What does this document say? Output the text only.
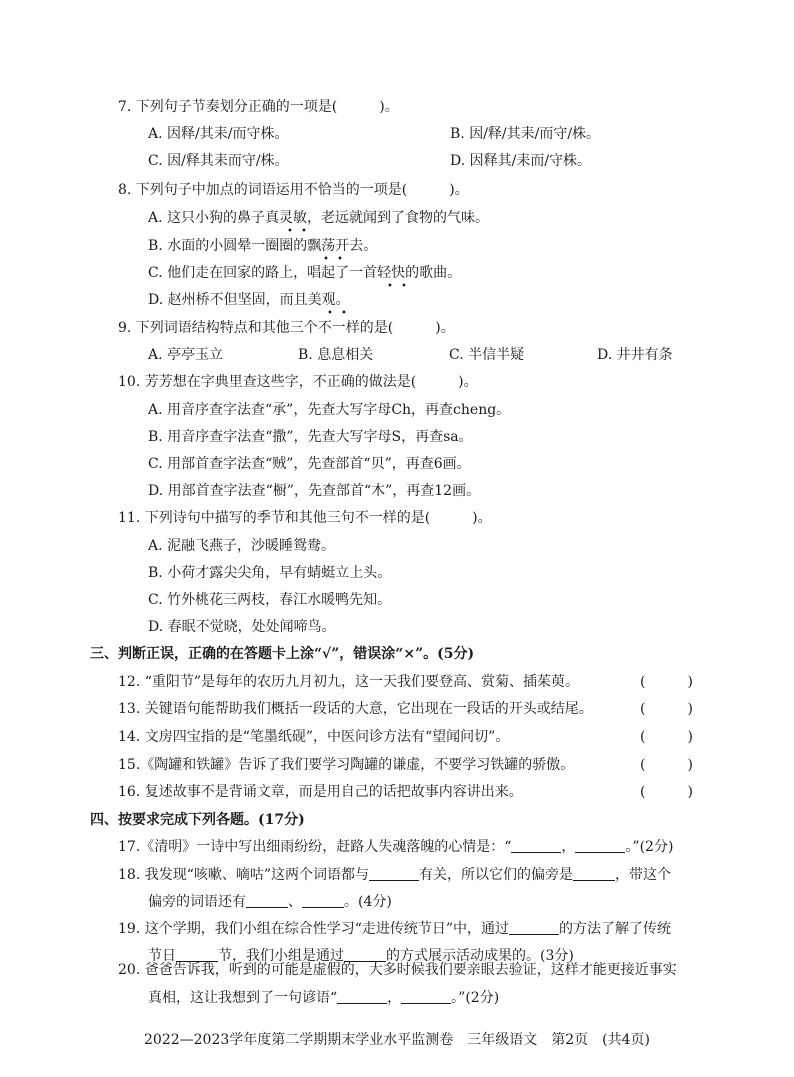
7. 下列句子节奏划分正确的一项是(　　　)。
A. 因释/其耒/而守株。	B. 因/释/其耒/而守/株。
C. 因/释其耒而守/株。	D. 因释其/耒而/守株。
8. 下列句子中加点的词语运用不恰当的一项是(　　　)。
A. 这只小狗的鼻子真灵敏，老远就闻到了食物的气味。
B. 水面的小圆晕一圈圈的飘荡开去。
C. 他们走在回家的路上，唱起了一首轻快的歌曲。
D. 赵州桥不但坚固，而且美观。
• •
• •
• •
• •
9. 下列词语结构特点和其他三个不一样的是(　　　)。
A. 亭亭玉立	B. 息息相关	C. 半信半疑	D. 井井有条
10. 芳芳想在字典里查这些字，不正确的做法是(　　　)。
A. 用音序查字法查“承”，先查大写字母Ch，再查cheng。
B. 用音序查字法查“撒”，先查大写字母S，再查sa。
C. 用部首查字法查“贼”，先查部首“贝”，再查6画。
D. 用部首查字法查“橱”，先查部首“木”，再查12画。
11. 下列诗句中描写的季节和其他三句不一样的是(　　　)。
A. 泥融飞燕子，沙暖睡鸳鸯。
B. 小荷才露尖尖角，早有蜻蜓立上头。
C. 竹外桃花三两枝，春江水暖鸭先知。
D. 春眠不觉晓，处处闻啼鸟。
三、判断正误，正确的在答题卡上涂“√”，错误涂“×”。(5分)
12. “重阳节”是每年的农历九月初九，这一天我们要登高、赏菊、插茱萸。	(　　　)
13. 关键语句能帮助我们概括一段话的大意，它出现在一段话的开头或结尾。	(　　　)
14. 文房四宝指的是“笔墨纸砚”，中医问诊方法有“望闻问切”。	(　　　)
15.《陶罐和铁罐》告诉了我们要学习陶罐的谦虚，不要学习铁罐的骄傲。	(　　　)
16. 复述故事不是背诵文章，而是用自己的话把故事内容讲出来。	(　　　)
四、按要求完成下列各题。(17分)
17.《清明》一诗中写出细雨纷纷，赶路人失魂落魄的心情是：“	，	。”(2分)
18. 我发现“咳嗽、嘀咕”这两个词语都与	有关，所以它们的偏旁是	，带这个
偏旁的词语还有	、	。(4分)
19. 这个学期，我们小组在综合性学习“走进传统节日”中，通过	的方法了解了传统
节日	节，我们小组是通过	的方式展示活动成果的。(3分)
20. 爸爸告诉我，听到的可能是虚假的，大多时候我们要亲眼去验证，这样才能更接近事实
2022—2023学年度第二学期期末学业水平监测卷　三年级语文　第2页　(共4页)
真相，这让我想到了一句谚语“	，	。”(2分)
